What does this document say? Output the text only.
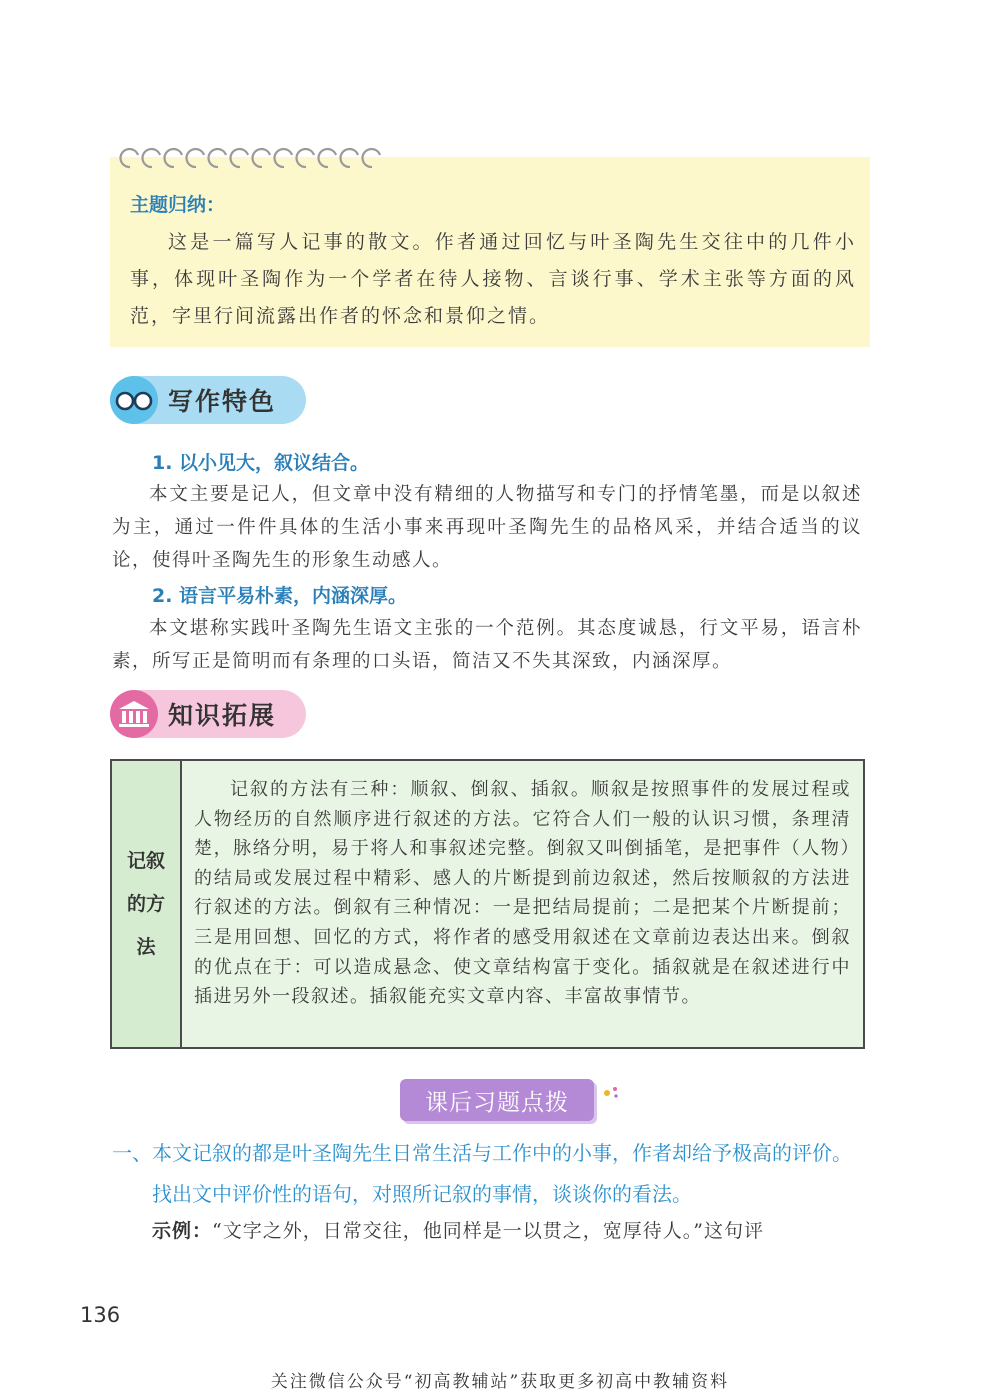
主题归纳：
这是一篇写人记事的散文。作者通过回忆与叶圣陶先生交往中的几件小事，体现叶圣陶作为一个学者在待人接物、言谈行事、学术主张等方面的风范，字里行间流露出作者的怀念和景仰之情。
写作特色
1. 以小见大，叙议结合。
本文主要是记人，但文章中没有精细的人物描写和专门的抒情笔墨，而是以叙述为主，通过一件件具体的生活小事来再现叶圣陶先生的品格风采，并结合适当的议论，使得叶圣陶先生的形象生动感人。
2. 语言平易朴素，内涵深厚。
本文堪称实践叶圣陶先生语文主张的一个范例。其态度诚恳，行文平易，语言朴素，所写正是简明而有条理的口头语，简洁又不失其深致，内涵深厚。
知识拓展
记叙的方法
记叙的方法有三种：顺叙、倒叙、插叙。顺叙是按照事件的发展过程或人物经历的自然顺序进行叙述的方法。它符合人们一般的认识习惯，条理清楚，脉络分明，易于将人和事叙述完整。倒叙又叫倒插笔，是把事件（人物）的结局或发展过程中精彩、感人的片断提到前边叙述，然后按顺叙的方法进行叙述的方法。倒叙有三种情况：一是把结局提前；二是把某个片断提前；三是用回想、回忆的方式，将作者的感受用叙述在文章前边表达出来。倒叙的优点在于：可以造成悬念、使文章结构富于变化。插叙就是在叙述进行中插进另外一段叙述。插叙能充实文章内容、丰富故事情节。
课后习题点拨
一、本文记叙的都是叶圣陶先生日常生活与工作中的小事，作者却给予极高的评价。找出文中评价性的语句，对照所记叙的事情，谈谈你的看法。
示例：“文字之外，日常交往，他同样是一以贯之，宽厚待人。”这句评
136
关注微信公众号“初高教辅站”获取更多初高中教辅资料
